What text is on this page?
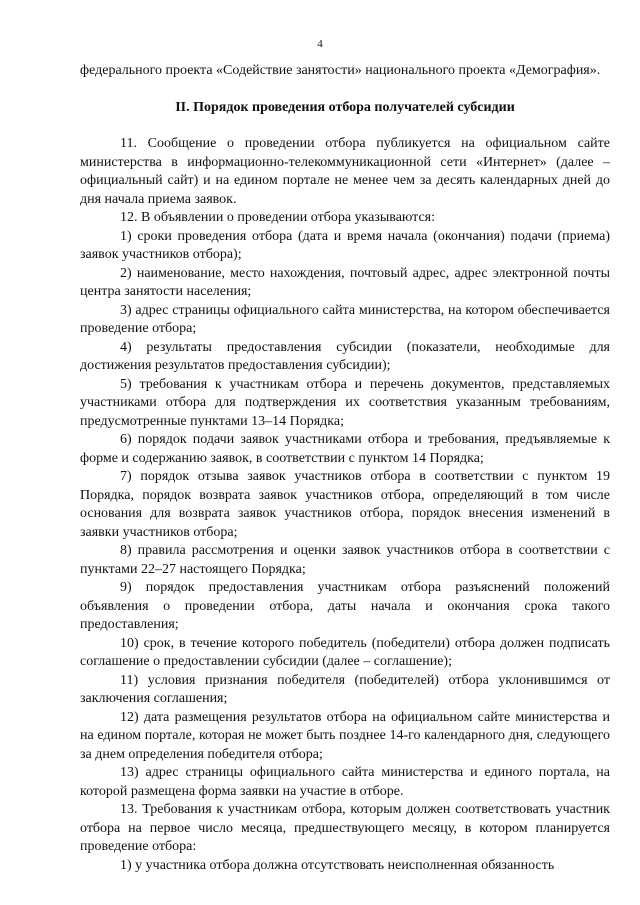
4

федерального проекта «Содействие занятости» национального проекта «Демография».

II. Порядок проведения отбора получателей субсидии

11. Сообщение о проведении отбора публикуется на официальном сайте министерства в информационно-телекоммуникационной сети «Интернет» (далее – официальный сайт) и на едином портале не менее чем за десять календарных дней до дня начала приема заявок.

12. В объявлении о проведении отбора указываются:

1) сроки проведения отбора (дата и время начала (окончания) подачи (приема) заявок участников отбора);

2) наименование, место нахождения, почтовый адрес, адрес электронной почты центра занятости населения;

3) адрес страницы официального сайта министерства, на котором обеспечивается проведение отбора;

4) результаты предоставления субсидии (показатели, необходимые для достижения результатов предоставления субсидии);

5) требования к участникам отбора и перечень документов, представляемых участниками отбора для подтверждения их соответствия указанным требованиям, предусмотренные пунктами 13–14 Порядка;

6) порядок подачи заявок участниками отбора и требования, предъявляемые к форме и содержанию заявок, в соответствии с пунктом 14 Порядка;

7) порядок отзыва заявок участников отбора в соответствии с пунктом 19 Порядка, порядок возврата заявок участников отбора, определяющий в том числе основания для возврата заявок участников отбора, порядок внесения изменений в заявки участников отбора;

8) правила рассмотрения и оценки заявок участников отбора в соответствии с пунктами 22–27 настоящего Порядка;

9) порядок предоставления участникам отбора разъяснений положений объявления о проведении отбора, даты начала и окончания срока такого предоставления;

10) срок, в течение которого победитель (победители) отбора должен подписать соглашение о предоставлении субсидии (далее – соглашение);

11) условия признания победителя (победителей) отбора уклонившимся от заключения соглашения;

12) дата размещения результатов отбора на официальном сайте министерства и на едином портале, которая не может быть позднее 14-го календарного дня, следующего за днем определения победителя отбора;

13) адрес страницы официального сайта министерства и единого портала, на которой размещена форма заявки на участие в отборе.

13. Требования к участникам отбора, которым должен соответствовать участник отбора на первое число месяца, предшествующего месяцу, в котором планируется проведение отбора:

1) у участника отбора должна отсутствовать неисполненная обязанность
